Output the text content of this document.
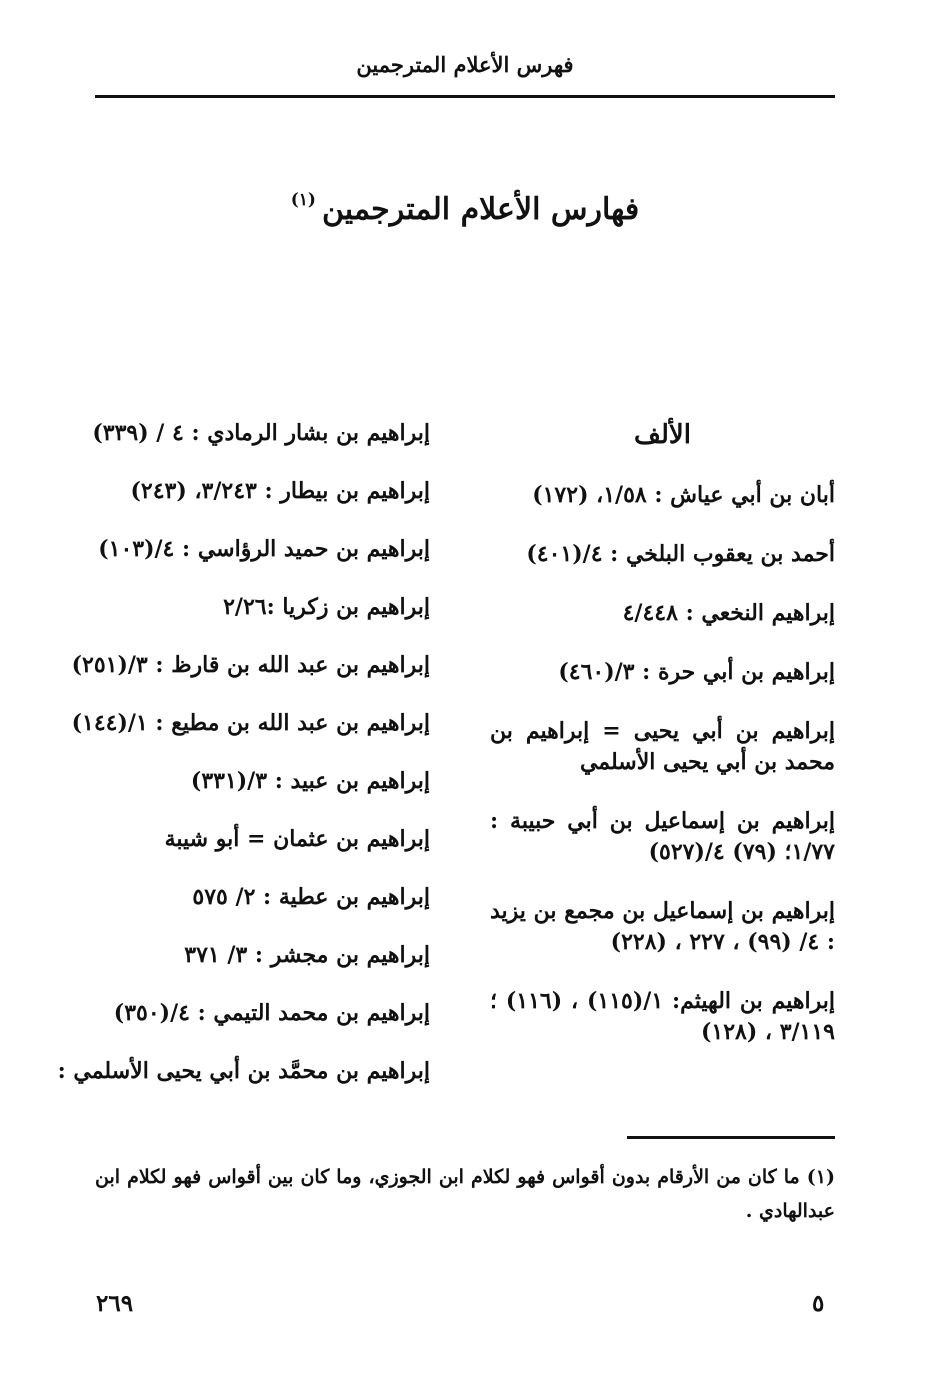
فهرس الأعلام المترجمين
فهارس الأعلام المترجمين$^{(١)}$
الألف
أبان بن أبي عياش : ١/٥٨، (١٧٢)
أحمد بن يعقوب البلخي : ٤/(٤٠١)
إبراهيم النخعي : ٤/٤٤٨
إبراهيم بن أبي حرة : ٣/(٤٦٠)
إبراهيم بن أبي يحيى = إبراهيم بن محمد بن أبي يحيى الأسلمي
إبراهيم بن إسماعيل بن أبي حبيبة : ١/٧٧؛ (٧٩) ٤/(٥٢٧)
إبراهيم بن إسماعيل بن مجمع بن يزيد : ٤/ (٩٩) ، ٢٢٧ ، (٢٢٨)
إبراهيم بن الهيثم: ١/(١١٥) ، (١١٦) ؛ ٣/١١٩ ، (١٢٨)
إبراهيم بن بشار الرمادي : ٤ / (٣٣٩)
إبراهيم بن بيطار : ٣/٢٤٣، (٢٤٣)
إبراهيم بن حميد الرؤاسي : ٤/(١٠٣)
إبراهيم بن زكريا :٢/٢٦
إبراهيم بن عبد الله بن قارظ : ٣/(٢٥١)
إبراهيم بن عبد الله بن مطيع : ١/(١٤٤)
إبراهيم بن عبيد : ٣/(٣٣١)
إبراهيم بن عثمان = أبو شيبة
إبراهيم بن عطية : ٢/ ٥٧٥
إبراهيم بن مجشر : ٣/ ٣٧١
إبراهيم بن محمد التيمي : ٤/(٣٥٠)
إبراهيم بن محمَّد بن أبي يحيى الأسلمي :
(١) ما كان من الأرقام بدون أقواس فهو لكلام ابن الجوزي، وما كان بين أقواس فهو لكلام ابن عبدالهادي .
٢٦٩	٥
